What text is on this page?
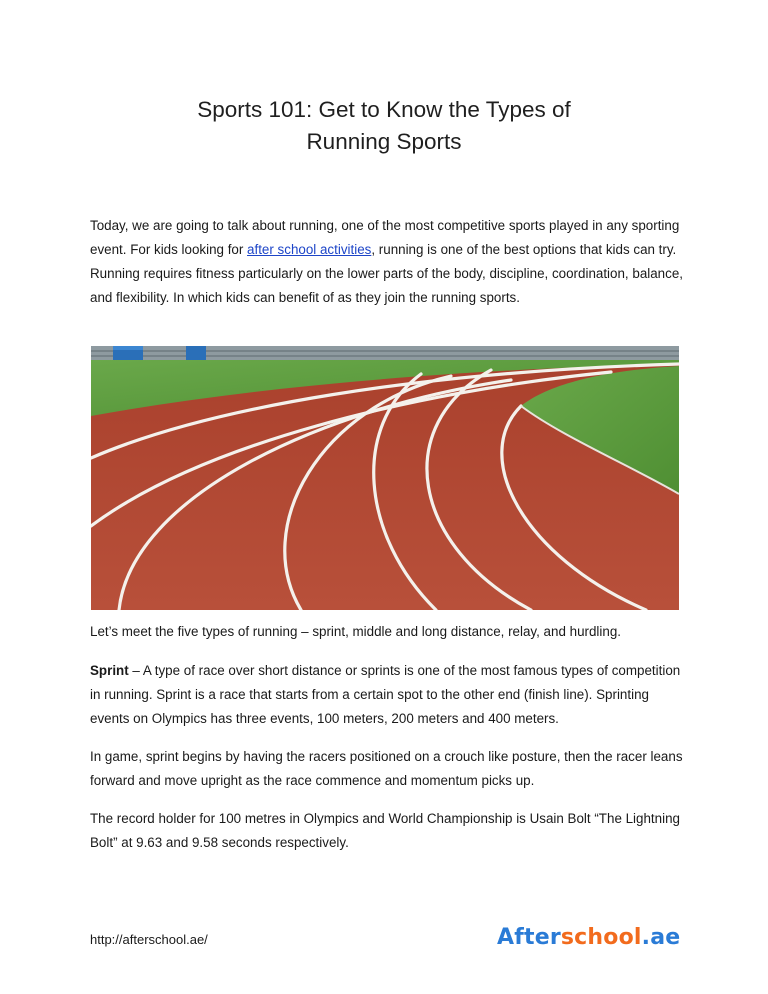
Sports 101: Get to Know the Types of
Running Sports

Today, we are going to talk about running, one of the most competitive sports played in any sporting event. For kids looking for after school activities, running is one of the best options that kids can try. Running requires fitness particularly on the lower parts of the body, discipline, coordination, balance, and flexibility. In which kids can benefit of as they join the running sports.

Let’s meet the five types of running – sprint, middle and long distance, relay, and hurdling.

Sprint – A type of race over short distance or sprints is one of the most famous types of competition in running. Sprint is a race that starts from a certain spot to the other end (finish line). Sprinting events on Olympics has three events, 100 meters, 200 meters and 400 meters.

In game, sprint begins by having the racers positioned on a crouch like posture, then the racer leans forward and move upright as the race commence and momentum picks up.

The record holder for 100 metres in Olympics and World Championship is Usain Bolt “The Lightning Bolt” at 9.63 and 9.58 seconds respectively.

http://afterschool.ae/	Afterschool.ae
